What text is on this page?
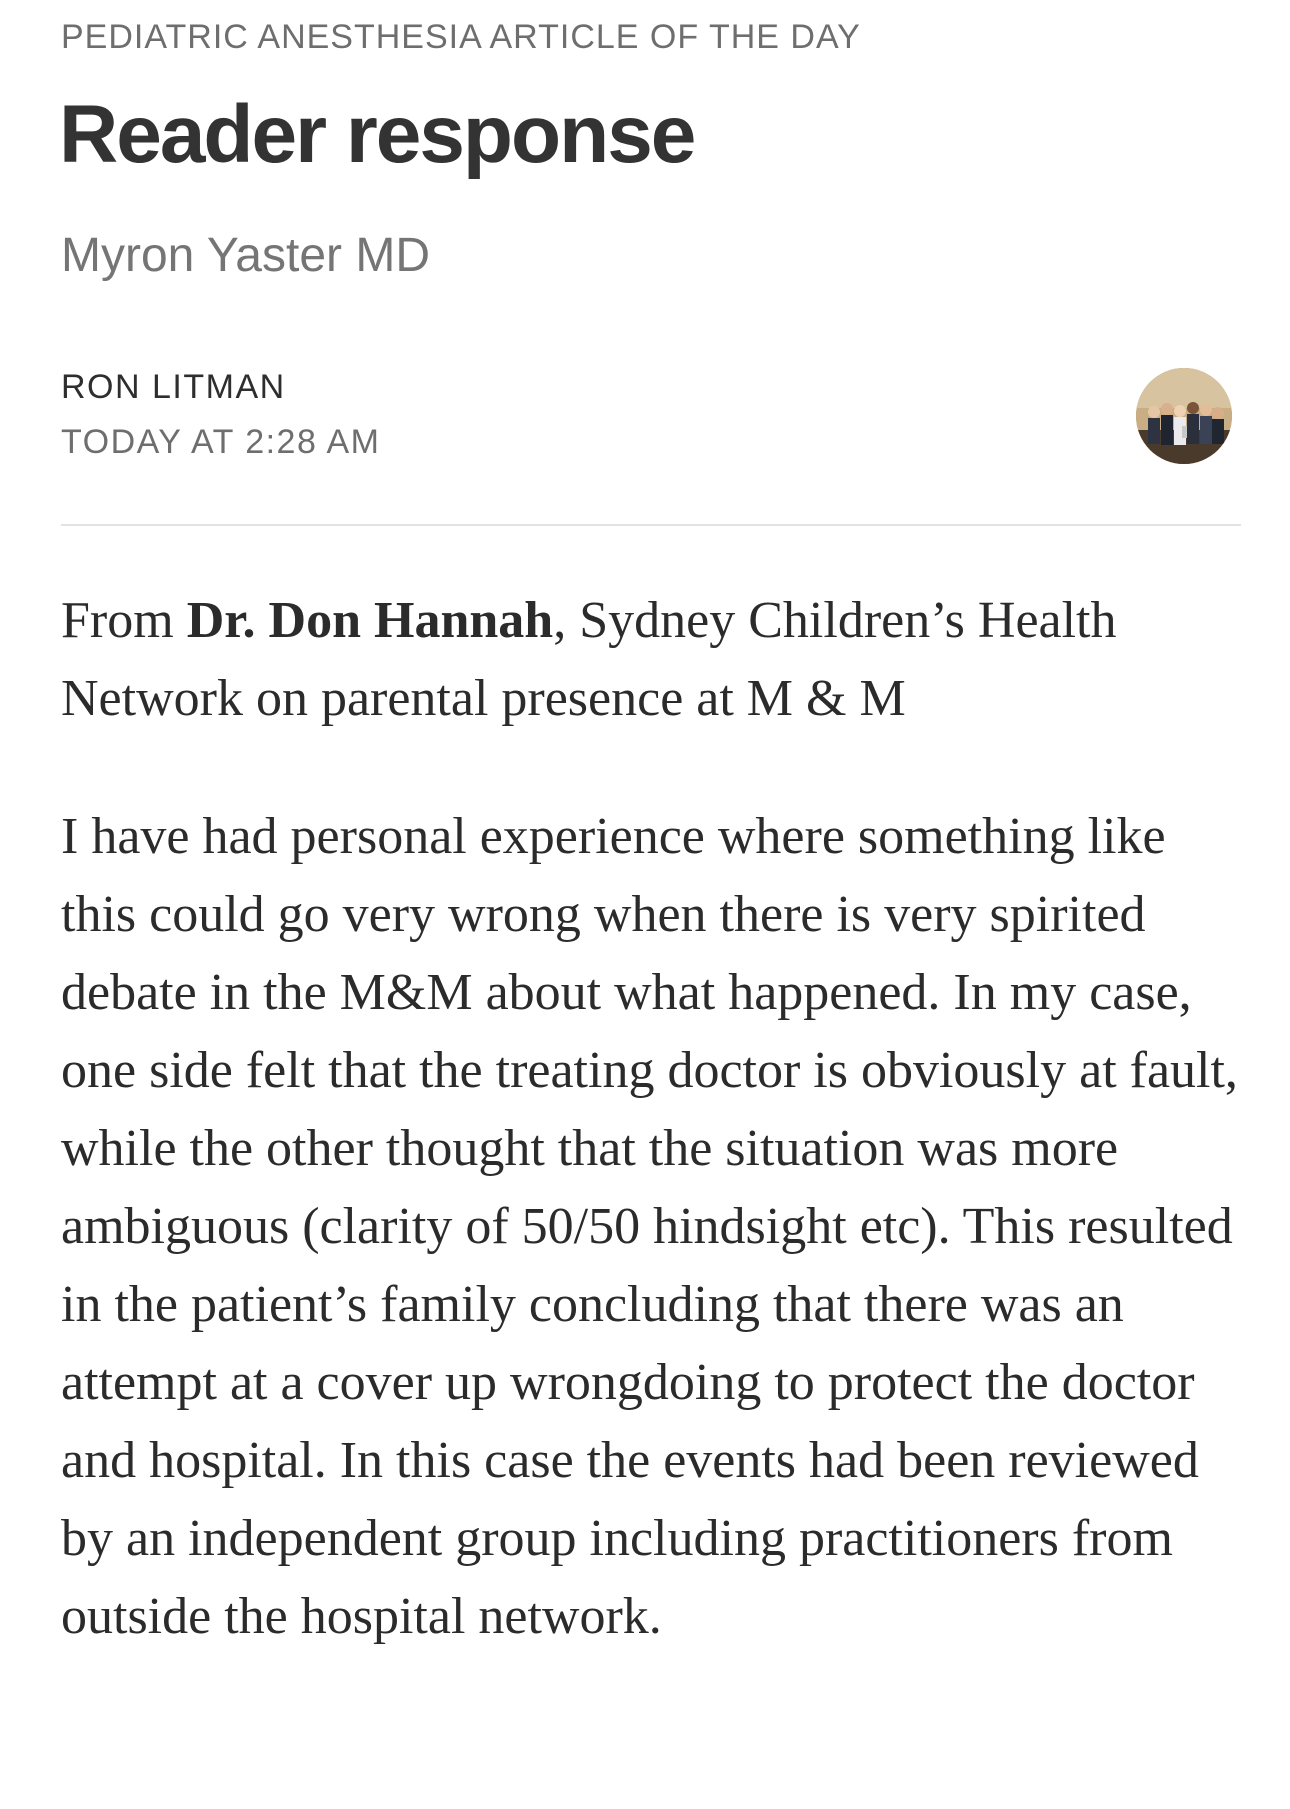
PEDIATRIC ANESTHESIA ARTICLE OF THE DAY
Reader response
Myron Yaster MD
RON LITMAN
TODAY AT 2:28 AM

From Dr. Don Hannah, Sydney Children’s Health Network on parental presence at M & M

I have had personal experience where something like this could go very wrong when there is very spirited debate in the M&M about what happened. In my case, one side felt that the treating doctor is obviously at fault, while the other thought that the situation was more ambiguous (clarity of 50/50 hindsight etc). This resulted in the patient’s family concluding that there was an attempt at a cover up wrongdoing to protect the doctor and hospital. In this case the events had been reviewed by an independent group including practitioners from outside the hospital network.
